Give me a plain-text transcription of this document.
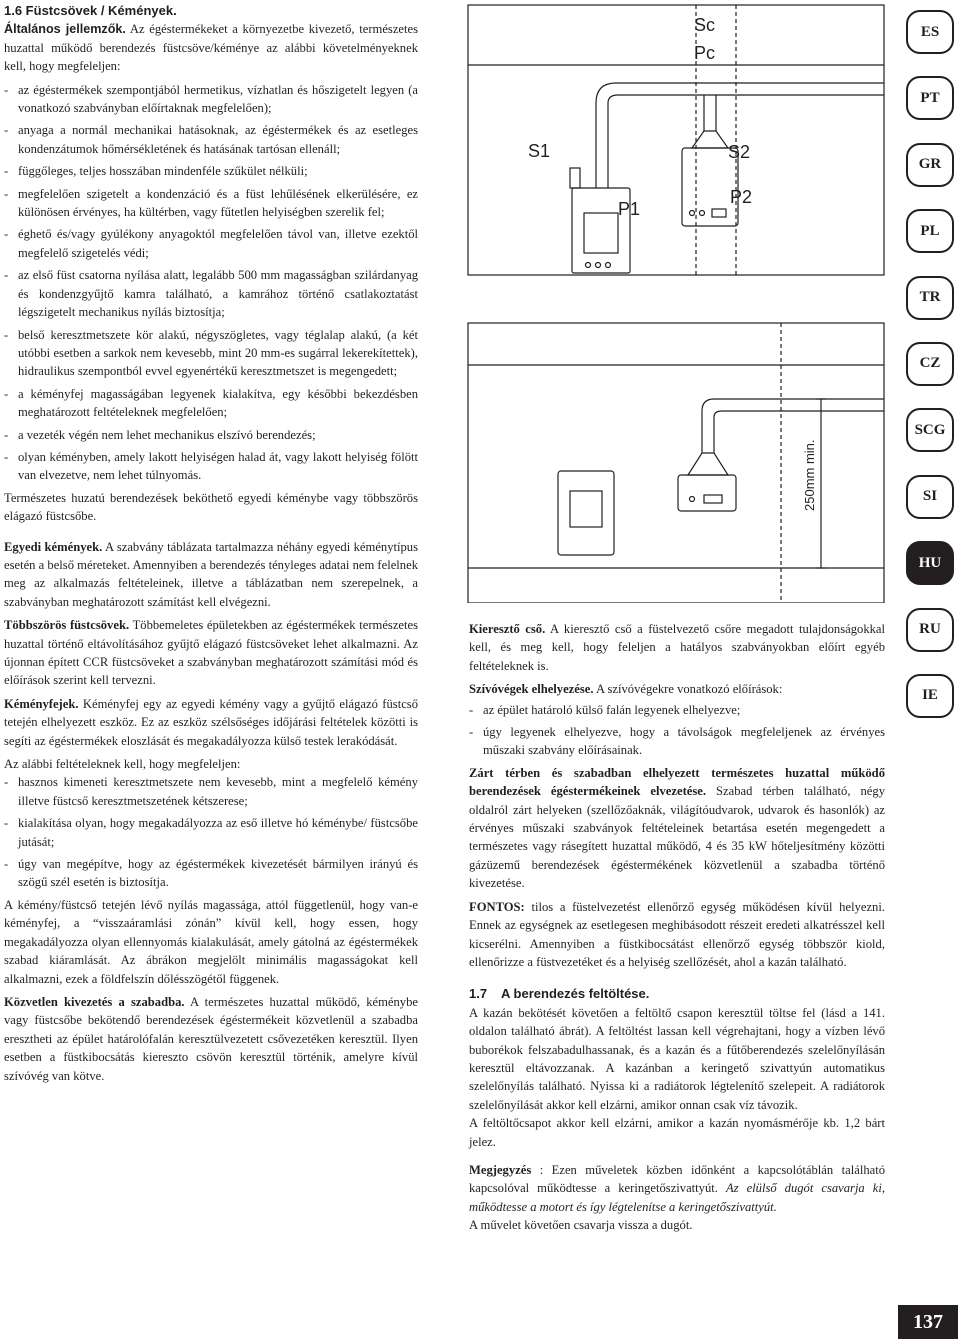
1.6 Füstcsövek / Kémények.

Általános jellemzők. Az égéstermékeket a környezetbe kivezető, természetes huzattal működő berendezés füstcsöve/kéménye az alábbi követelményeknek kell, hogy megfeleljen:

- az égéstermékek szempontjából hermetikus, vízhatlan és hőszigetelt legyen (a vonatkozó szabványban előírtaknak megfelelően);
- anyaga a normál mechanikai hatásoknak, az égéstermékek és az esetleges kondenzátumok hőmérsékletének és hatásának tartósan ellenáll;
- függőleges, teljes hosszában mindenféle szűkület nélküli;
- megfelelően szigetelt a kondenzáció és a füst lehűlésének elkerülésére, ez különösen érvényes, ha kültérben, vagy fűtetlen helyiségben szerelik fel;
- éghető és/vagy gyúlékony anyagoktól megfelelően távol van, illetve ezektől megfelelő szigetelés védi;
- az első füst csatorna nyílása alatt, legalább 500 mm magasságban szilárdanyag és kondenzgyűjtő kamra található, a kamrához történő csatlakoztatást légszigetelt mechanikus nyílás biztosítja;
- belső keresztmetszete kör alakú, négyszögletes, vagy téglalap alakú, (a két utóbbi esetben a sarkok nem kevesebb, mint 20 mm-es sugárral lekerekítettek), hidraulikus szempontból evvel egyenértékű keresztmetszet is megengedett;
- a kéményfej magasságában legyenek kialakítva, egy későbbi bekezdésben meghatározott feltételeknek megfelelően;
- a vezeték végén nem lehet mechanikus elszívó berendezés;
- olyan kéményben, amely lakott helyiségen halad át, vagy lakott helyiség fölött van elvezetve, nem lehet túlnyomás.

Természetes huzatú berendezések beköthető egyedi kéménybe vagy többszörös elágazó füstcsőbe.

Egyedi kémények. A szabvány táblázata tartalmazza néhány egyedi kéménytípus esetén a belső méreteket. Amennyiben a berendezés tényleges adatai nem felelnek meg az alkalmazás feltételeinek, illetve a táblázatban nem szerepelnek, a szabványban meghatározott számítást kell elvégezni.

Többszörös füstcsövek. Többemeletes épületekben az égéstermékek természetes huzattal történő eltávolításához gyűjtő elágazó füstcsöveket lehet alkalmazni. Az újonnan épített CCR füstcsöveket a szabványban meghatározott számítási mód és előírások szerint kell tervezni.

Kéményfejek. Kéményfej egy az egyedi kémény vagy a gyűjtő elágazó füstcső tetején elhelyezett eszköz. Ez az eszköz szélsőséges időjárási feltételek közötti is segíti az égéstermékek eloszlását és megakadályozza külső testek lerakódását.

Az alábbi feltételeknek kell, hogy megfeleljen:
- hasznos kimeneti keresztmetszete nem kevesebb, mint a megfelelő kémény illetve füstcső keresztmetszetének kétszerese;
- kialakítása olyan, hogy megakadályozza az eső illetve hó kéménybe/ füstcsőbe jutását;
- úgy van megépítve, hogy az égéstermékek kivezetését bármilyen irányú és szögű szél esetén is biztosítja.

A kémény/füstcső tetején lévő nyílás magassága, attól függetlenül, hogy van-e kéményfej, a “visszaáramlási zónán” kívül kell, hogy essen, hogy megakadályozza olyan ellennyomás kialakulását, amely gátolná az égéstermékek szabad kiáramlását. Az ábrákon megjelölt minimális magasságokat kell alkalmazni, ezek a földfelszín dőlésszögétől függenek.

Közvetlen kivezetés a szabadba. A természetes huzattal működő, kéménybe vagy füstcsőbe bekötendő berendezések égéstermékeit közvetlenül a szabadba eresztheti az épület határolófalán keresztülvezetett csővezetéken keresztül. Ilyen esetben a füstkibocsátás kiereszto csövön keresztül történik, amelyre kívül szívóvég van kötve.

Sc
Pc
S1	S2
P1
P2
250mm min.

Kieresztő cső. A kieresztő cső a füstelvezető csőre megadott tulajdonságokkal kell, és meg kell, hogy feleljen a hatályos szabványokban előírt egyéb feltételeknek is.

Szívóvégek elhelyezése. A szívóvégekre vonatkozó előírások:

- az épület határoló külső falán legyenek elhelyezve;
- úgy legyenek elhelyezve, hogy a távolságok megfeleljenek az érvényes műszaki szabvány előírásainak.

Zárt térben és szabadban elhelyezett természetes huzattal működő berendezések égéstermékeinek elvezetése. Szabad térben található, négy oldalról zárt helyeken (szellőzőaknák, világítóudvarok, udvarok és hasonlók) az érvényes műszaki szabványok feltételeinek betartása esetén megengedett a természetes vagy rásegített huzattal működő, 4 és 35 kW hőteljesítmény közötti gázüzemű berendezések égéstermékének közvetlenül a szabadba történő kivezetése.

FONTOS: tilos a füstelvezetést ellenőrző egység működésen kívül helyezni. Ennek az egységnek az esetlegesen meghibásodott részeit eredeti alkatrésszel kell kicserélni. Amennyiben a füstkibocsátást ellenőrző egység többször kiold, ellenőrizze a füstvezetéket és a helyiség szellőzését, ahol a kazán található.

1.7    A berendezés feltöltése.
A kazán bekötését követően a feltöltő csapon keresztül töltse fel (lásd a 141. oldalon található ábrát). A feltöltést lassan kell végrehajtani, hogy a vízben lévő buborékok felszabadulhassanak, és a kazán és a fűtőberendezés szelelőnyílásán keresztül eltávozzanak. A kazánban a keringető szivattyún automatikus szelelőnyílás található. Nyissa ki a radiátorok légtelenítő szelepeit. A radiátorok szelelőnyílását akkor kell elzárni, amikor onnan csak víz távozik.

A feltöltőcsapot akkor kell elzárni, amikor a kazán nyomásmérője kb. 1,2 bárt jelez.

Megjegyzés : Ezen műveletek közben időnként a kapcsolótáblán található kapcsolóval működtesse a keringetőszivattyút. Az elülső dugót csavarja ki, működtesse a motort és így légtelenítse a keringetőszivattyút.
A művelet követően csavarja vissza a dugót.
ES
PT
GR
PL
TR
CZ
SCG
SI
HU
RU
IE
137
